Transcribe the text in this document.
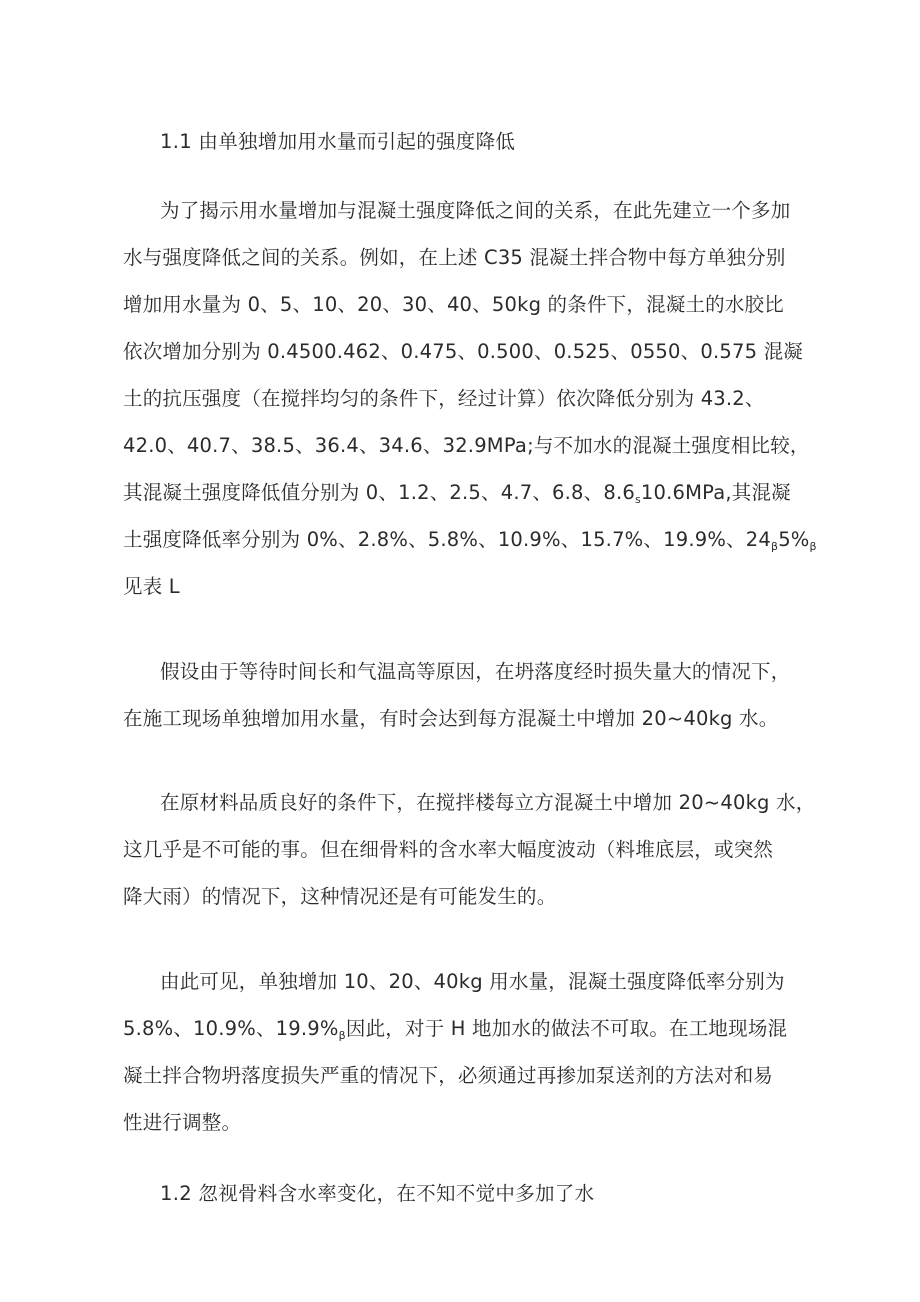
1.1 由单独增加用水量而引起的强度降低
为了揭示用水量增加与混凝土强度降低之间的关系，在此先建立一个多加
水与强度降低之间的关系。例如，在上述 C35 混凝土拌合物中每方单独分别
增加用水量为 0、5、10、20、30、40、50kg 的条件下，混凝土的水胶比
依次增加分别为 0.4500.462、0.475、0.500、0.525、0550、0.575 混凝
土的抗压强度（在搅拌均匀的条件下，经过计算）依次降低分别为 43.2、
42.0、40.7、38.5、36.4、34.6、32.9MPa;与不加水的混凝土强度相比较，
其混凝土强度降低值分别为 0、1.2、2.5、4.7、6.8、$8.6_s10.6MPa$,其混凝
土强度降低率分别为 0%、2.8%、5.8%、10.9%、15.7%、19.9%、$24_\beta 5\%_\beta$
见表 L
假设由于等待时间长和气温高等原因，在坍落度经时损失量大的情况下，
在施工现场单独增加用水量，有时会达到每方混凝土中增加 20~40kg 水。
在原材料品质良好的条件下，在搅拌楼每立方混凝土中增加 20~40kg 水，
这几乎是不可能的事。但在细骨料的含水率大幅度波动（料堆底层，或突然
降大雨）的情况下，这种情况还是有可能发生的。
由此可见，单独增加 10、20、40kg 用水量，混凝土强度降低率分别为
5.8%、10.9%、$19.9\%_\beta$因此，对于 H 地加水的做法不可取。在工地现场混
凝土拌合物坍落度损失严重的情况下，必须通过再掺加泵送剂的方法对和易
性进行调整。
1.2 忽视骨料含水率变化，在不知不觉中多加了水
